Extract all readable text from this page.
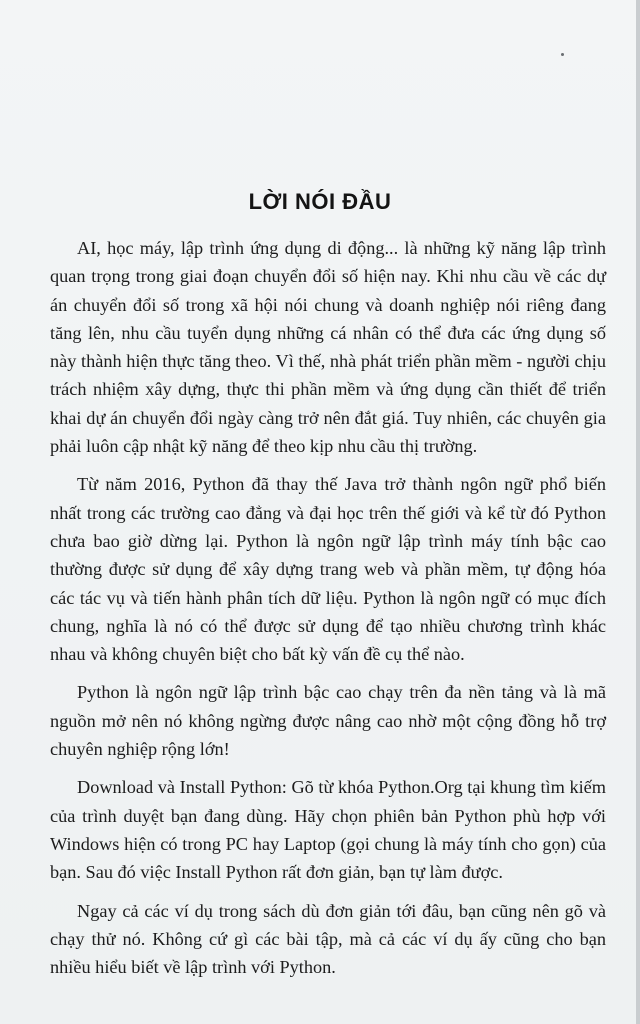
LỜI NÓI ĐẦU

AI, học máy, lập trình ứng dụng di động... là những kỹ năng lập trình quan trọng trong giai đoạn chuyển đổi số hiện nay. Khi nhu cầu về các dự án chuyển đổi số trong xã hội nói chung và doanh nghiệp nói riêng đang tăng lên, nhu cầu tuyển dụng những cá nhân có thể đưa các ứng dụng số này thành hiện thực tăng theo. Vì thế, nhà phát triển phần mềm - người chịu trách nhiệm xây dựng, thực thi phần mềm và ứng dụng cần thiết để triển khai dự án chuyển đổi ngày càng trở nên đắt giá. Tuy nhiên, các chuyên gia phải luôn cập nhật kỹ năng để theo kịp nhu cầu thị trường.

Từ năm 2016, Python đã thay thế Java trở thành ngôn ngữ phổ biến nhất trong các trường cao đẳng và đại học trên thế giới và kể từ đó Python chưa bao giờ dừng lại. Python là ngôn ngữ lập trình máy tính bậc cao thường được sử dụng để xây dựng trang web và phần mềm, tự động hóa các tác vụ và tiến hành phân tích dữ liệu. Python là ngôn ngữ có mục đích chung, nghĩa là nó có thể được sử dụng để tạo nhiều chương trình khác nhau và không chuyên biệt cho bất kỳ vấn đề cụ thể nào.

Python là ngôn ngữ lập trình bậc cao chạy trên đa nền tảng và là mã nguồn mở nên nó không ngừng được nâng cao nhờ một cộng đồng hỗ trợ chuyên nghiệp rộng lớn!

Download và Install Python: Gõ từ khóa Python.Org tại khung tìm kiếm của trình duyệt bạn đang dùng. Hãy chọn phiên bản Python phù hợp với Windows hiện có trong PC hay Laptop (gọi chung là máy tính cho gọn) của bạn. Sau đó việc Install Python rất đơn giản, bạn tự làm được.

Ngay cả các ví dụ trong sách dù đơn giản tới đâu, bạn cũng nên gõ và chạy thử nó. Không cứ gì các bài tập, mà cả các ví dụ ấy cũng cho bạn nhiều hiểu biết về lập trình với Python.
